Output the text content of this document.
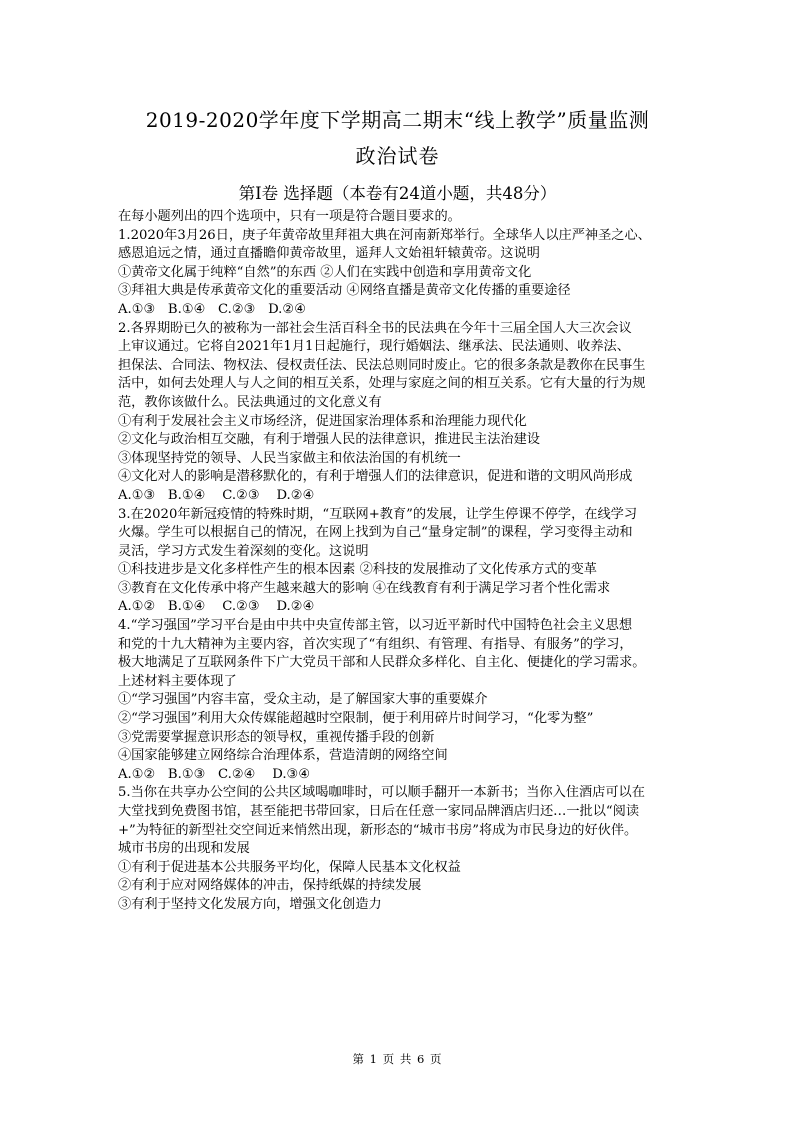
2019-2020学年度下学期高二期末“线上教学”质量监测
政治试卷
第Ⅰ卷 选择题（本卷有24道小题，共48分）
在每小题列出的四个选项中，只有一项是符合题目要求的。
1.2020年3月26日，庚子年黄帝故里拜祖大典在河南新郑举行。全球华人以庄严神圣之心、
感恩追远之情，通过直播瞻仰黄帝故里，遥拜人文始祖轩辕黄帝。这说明
①黄帝文化属于纯粹“自然”的东西 ②人们在实践中创造和享用黄帝文化
③拜祖大典是传承黄帝文化的重要活动 ④网络直播是黄帝文化传播的重要途径
A.①③   B.①④   C.②③   D.②④
2.各界期盼已久的被称为一部社会生活百科全书的民法典在今年十三届全国人大三次会议
上审议通过。它将自2021年1月1日起施行，现行婚姻法、继承法、民法通则、收养法、
担保法、合同法、物权法、侵权责任法、民法总则同时废止。它的很多条款是教你在民事生
活中，如何去处理人与人之间的相互关系，处理与家庭之间的相互关系。它有大量的行为规
范，教你该做什么。民法典通过的文化意义有
①有利于发展社会主义市场经济，促进国家治理体系和治理能力现代化
②文化与政治相互交融，有利于增强人民的法律意识，推进民主法治建设
③体现坚持党的领导、人民当家做主和依法治国的有机统一
④文化对人的影响是潜移默化的，有利于增强人们的法律意识，促进和谐的文明风尚形成
A.①③   B.①④    C.②③    D.②④
3.在2020年新冠疫情的特殊时期，“互联网+教育”的发展，让学生停课不停学，在线学习
火爆。学生可以根据自己的情况，在网上找到为自己“量身定制”的课程，学习变得主动和
灵活，学习方式发生着深刻的变化。这说明
①科技进步是文化多样性产生的根本因素 ②科技的发展推动了文化传承方式的变革
③教育在文化传承中将产生越来越大的影响 ④在线教育有利于满足学习者个性化需求
A.①②   B.①④    C.②③    D.②④
4.“学习强国”学习平台是由中共中央宣传部主管，以习近平新时代中国特色社会主义思想
和党的十九大精神为主要内容，首次实现了“有组织、有管理、有指导、有服务”的学习，
极大地满足了互联网条件下广大党员干部和人民群众多样化、自主化、便捷化的学习需求。
上述材料主要体现了
①“学习强国”内容丰富，受众主动，是了解国家大事的重要媒介
②“学习强国”利用大众传媒能超越时空限制，便于利用碎片时间学习，“化零为整”
③党需要掌握意识形态的领导权，重视传播手段的创新
④国家能够建立网络综合治理体系，营造清朗的网络空间
A.①②   B.①③   C.②④    D.③④
5.当你在共享办公空间的公共区域喝咖啡时，可以顺手翻开一本新书；当你入住酒店可以在
大堂找到免费图书馆，甚至能把书带回家，日后在任意一家同品牌酒店归还…一批以“阅读
+”为特征的新型社交空间近来悄然出现，新形态的“城市书房”将成为市民身边的好伙伴。
城市书房的出现和发展
①有利于促进基本公共服务平均化，保障人民基本文化权益
②有利于应对网络媒体的冲击，保持纸媒的持续发展
③有利于坚持文化发展方向，增强文化创造力
第 1 页 共 6 页
